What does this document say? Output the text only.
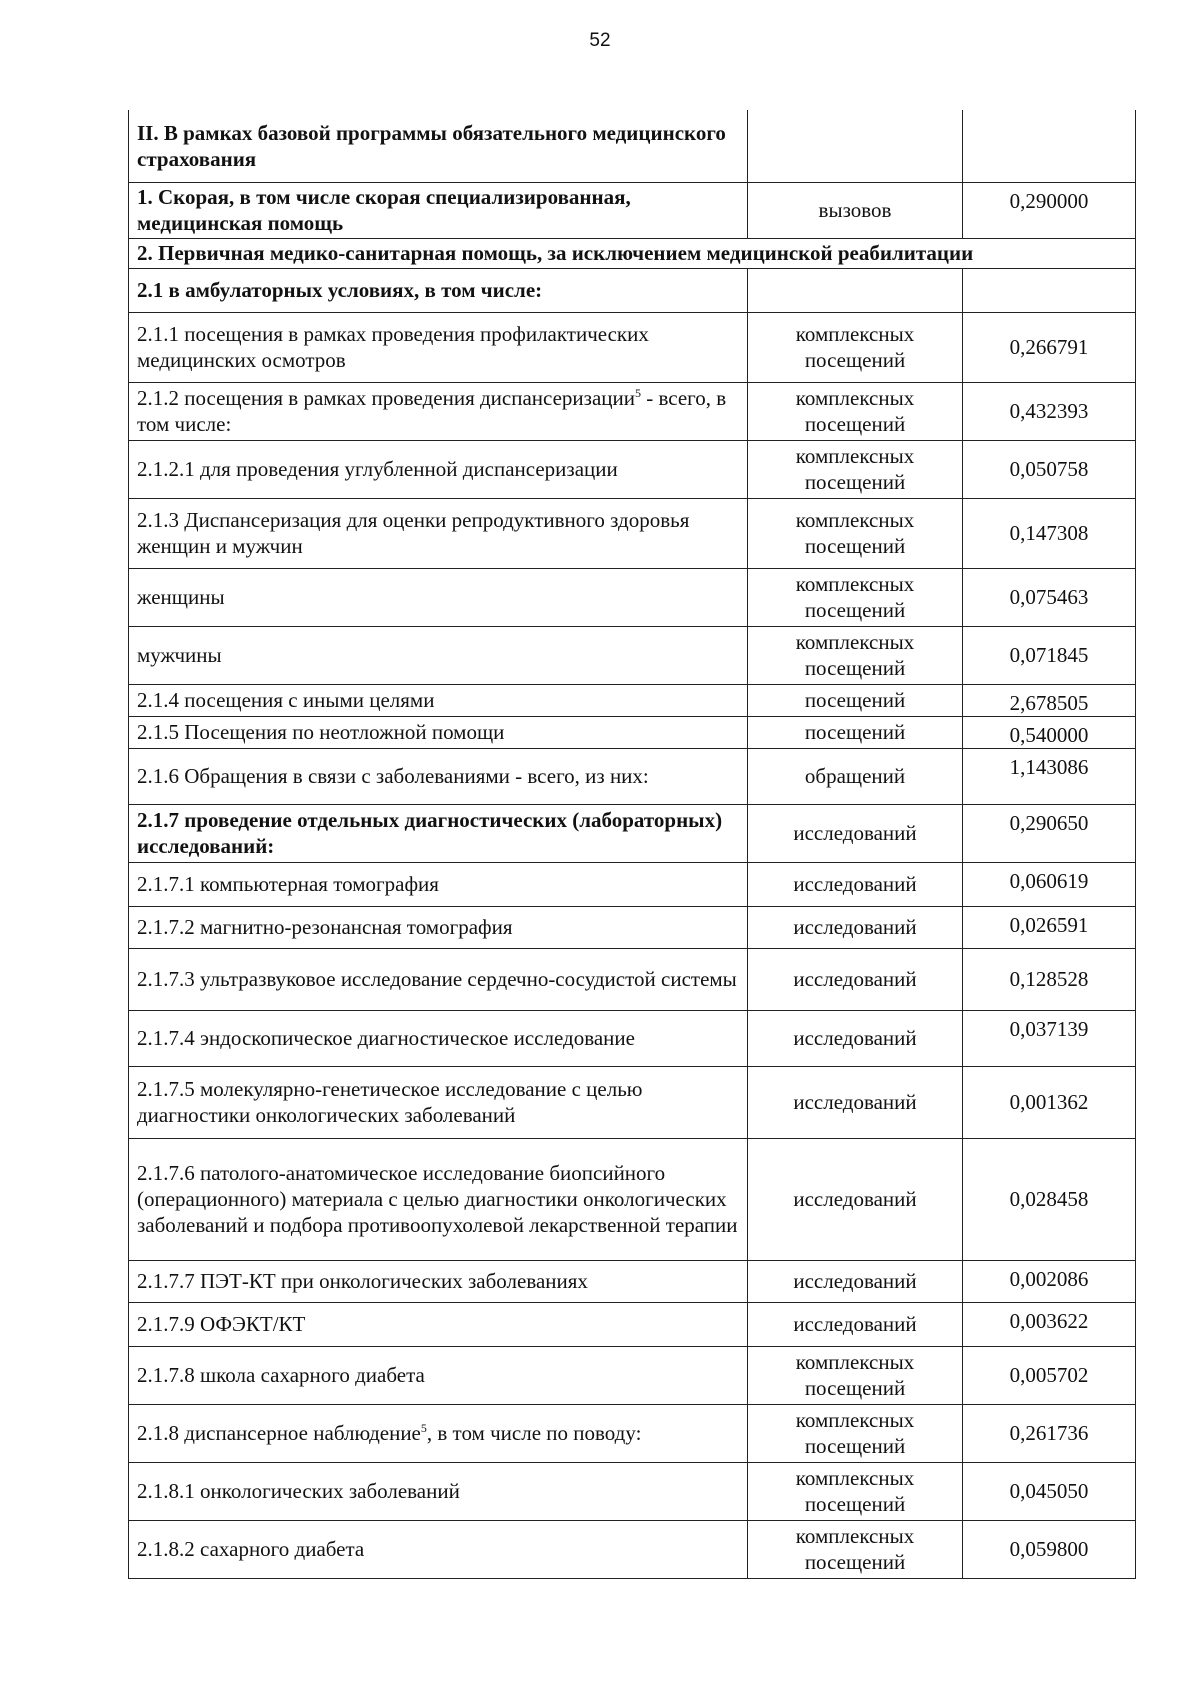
52
II. В рамках базовой программы обязательного медицинского страхования		
1. Скорая, в том числе скорая специализированная, медицинская помощь	вызовов	0,290000
2. Первичная медико-санитарная помощь, за исключением медицинской реабилитации		
2.1 в амбулаторных условиях, в том числе:		
2.1.1 посещения в рамках проведения профилактических медицинских осмотров	комплексных посещений	0,266791
2.1.2 посещения в рамках проведения диспансеризации$^5$ - всего, в том числе:	комплексных посещений	0,432393
2.1.2.1 для проведения углубленной диспансеризации	комплексных посещений	0,050758
2.1.3 Диспансеризация для оценки репродуктивного здоровья женщин и мужчин	комплексных посещений	0,147308
женщины	комплексных посещений	0,075463
мужчины	комплексных посещений	0,071845
2.1.4 посещения с иными целями	посещений	2,678505
2.1.5 Посещения по неотложной помощи	посещений	0,540000
2.1.6 Обращения в связи с заболеваниями - всего, из них:	обращений	1,143086
2.1.7 проведение отдельных диагностических (лабораторных) исследований:	исследований	0,290650
2.1.7.1 компьютерная томография	исследований	0,060619
2.1.7.2 магнитно-резонансная томография	исследований	0,026591
2.1.7.3 ультразвуковое исследование сердечно-сосудистой системы	исследований	0,128528
2.1.7.4 эндоскопическое диагностическое исследование	исследований	0,037139
2.1.7.5 молекулярно-генетическое исследование с целью диагностики онкологических заболеваний	исследований	0,001362
2.1.7.6 патолого-анатомическое исследование биопсийного (операционного) материала с целью диагностики онкологических заболеваний и подбора противоопухолевой лекарственной терапии	исследований	0,028458
2.1.7.7 ПЭТ-КТ при онкологических заболеваниях	исследований	0,002086
2.1.7.9 ОФЭКТ/КТ	исследований	0,003622
2.1.7.8 школа сахарного диабета	комплексных посещений	0,005702
2.1.8 диспансерное наблюдение$^5$, в том числе по поводу:	комплексных посещений	0,261736
2.1.8.1 онкологических заболеваний	комплексных посещений	0,045050
2.1.8.2 сахарного диабета	комплексных посещений	0,059800
